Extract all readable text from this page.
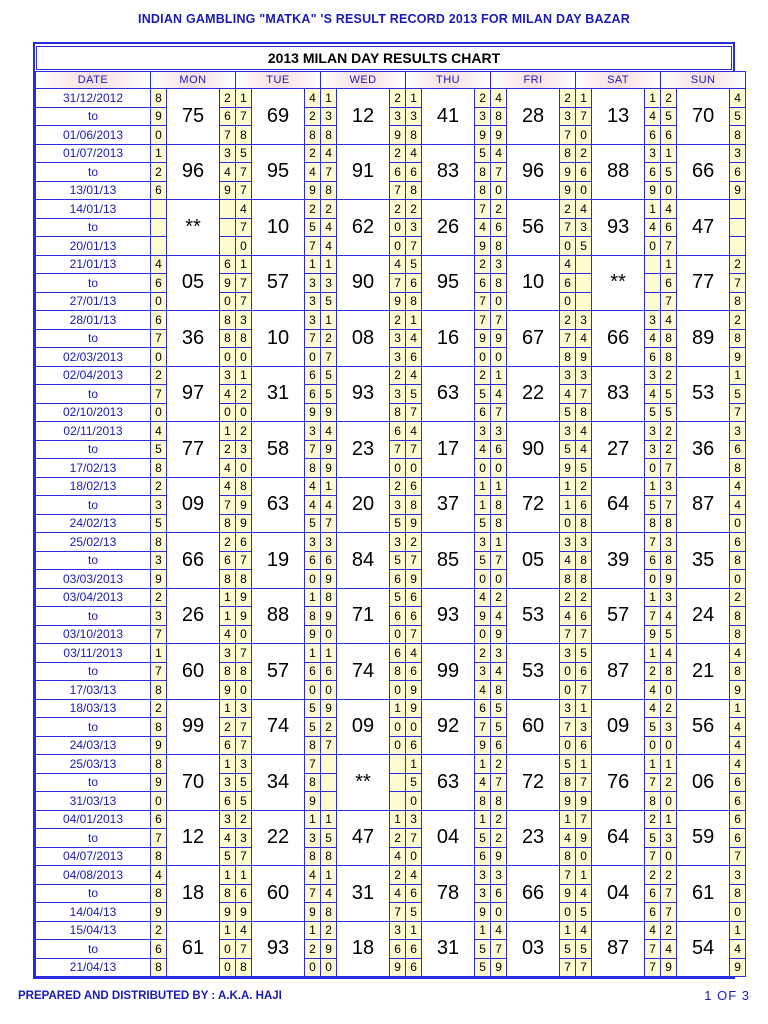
INDIAN GAMBLING "MATKA" 'S RESULT RECORD 2013 FOR MILAN DAY BAZAR
2013 MILAN DAY RESULTS CHART
DATE	MON			TUE			WED			THU			FRI			SAT			SUN		
31/12/2012	8	75	2	1	69	4	1	12	2	1	41	2	4	28	2	1	13	1	2	70	4
to	9		6	7		2	3		3	3		3	8		3	7		4	5		5
01/06/2013	0		7	8		8	8		9	8		9	9		7	0		6	6		8
01/07/2013	1	96	3	5	95	2	4	91	2	4	83	5	4	96	8	2	88	3	1	66	3
to	2		4	7		4	7		6	6		8	7		9	6		6	5		6
13/01/13	6		9	7		9	8		7	8		8	0		9	0		9	0		9
14/01/13		**		4	10	2	2	62	2	2	26	7	2	56	2	4	93	1	4	47	
to				7		5	4		0	3		4	6		7	3		4	6		
20/01/13				0		7	4		0	7		9	8		0	5		0	7		
21/01/13	4	05	6	1	57	1	1	90	4	5	95	2	3	10	4		**		1	77	2
to	6		9	7		3	3		7	6		6	8		6				6		7
27/01/13	0		0	7		3	5		9	8		7	0		0				7		8
28/01/13	6	36	8	3	10	3	1	08	2	1	16	7	7	67	2	3	66	3	4	89	2
to	7		8	8		7	2		3	4		9	9		7	4		4	8		8
02/03/2013	0		0	0		0	7		3	6		0	0		8	9		6	8		9
02/04/2013	2	97	3	1	31	6	5	93	2	4	63	2	1	22	3	3	83	3	2	53	1
to	7		4	2		6	5		3	5		5	4		4	7		4	5		5
02/10/2013	0		0	0		9	9		8	7		6	7		5	8		5	5		7
02/11/2013	4	77	1	2	58	3	4	23	6	4	17	3	3	90	3	4	27	3	2	36	3
to	5		2	3		7	9		7	7		4	6		5	4		3	2		6
17/02/13	8		4	0		8	9		0	0		0	0		9	5		0	7		8
18/02/13	2	09	4	8	63	4	1	20	2	6	37	1	1	72	1	2	64	1	3	87	4
to	3		7	9		4	4		3	8		1	8		1	6		5	7		4
24/02/13	5		8	9		5	7		5	9		5	8		0	8		8	8		0
25/02/13	8	66	2	6	19	3	3	84	3	2	85	3	1	05	3	3	39	7	3	35	6
to	3		6	7		6	6		5	7		5	7		4	8		6	8		8
03/03/2013	9		8	8		0	9		6	9		0	0		8	8		0	9		0
03/04/2013	2	26	1	9	88	1	8	71	5	6	93	4	2	53	2	2	57	1	3	24	2
to	3		1	9		8	9		6	6		9	4		4	6		7	4		8
03/10/2013	7		4	0		9	0		0	7		0	9		7	7		9	5		8
03/11/2013	1	60	3	7	57	1	1	74	6	4	99	2	3	53	3	5	87	1	4	21	4
to	7		8	8		6	6		8	6		3	4		0	6		2	8		8
17/03/13	8		9	0		0	0		0	9		4	8		0	7		4	0		9
18/03/13	2	99	1	3	74	5	9	09	1	9	92	6	5	60	3	1	09	4	2	56	1
to	8		2	7		5	2		0	0		7	5		7	3		5	3		4
24/03/13	9		6	7		8	7		0	6		9	6		0	6		0	0		4
25/03/13	8	70	1	3	34	7		**		1	63	1	2	72	5	1	76	1	1	06	4
to	9		3	5		8				5		4	7		8	7		7	2		6
31/03/13	0		6	5		9				0		8	8		9	9		8	0		6
04/01/2013	6	12	3	2	22	1	1	47	1	3	04	1	2	23	1	7	64	2	1	59	6
to	7		4	3		3	5		2	7		5	2		4	9		5	3		6
04/07/2013	8		5	7		8	8		4	0		6	9		8	0		7	0		7
04/08/2013	4	18	1	1	60	4	1	31	2	4	78	3	3	66	7	1	04	2	2	61	3
to	8		8	6		7	4		4	6		3	6		9	4		6	7		8
14/04/13	9		9	9		9	8		7	5		9	0		0	5		6	7		0
15/04/13	2	61	1	4	93	1	2	18	3	1	31	1	4	03	1	4	87	4	2	54	1
to	6		0	7		2	9		6	6		5	7		5	5		7	4		4
21/04/13	8		0	8		0	0		9	6		5	9		7	7		7	9		9
PREPARED AND DISTRIBUTED BY : A.K.A. HAJI	1 OF 3
